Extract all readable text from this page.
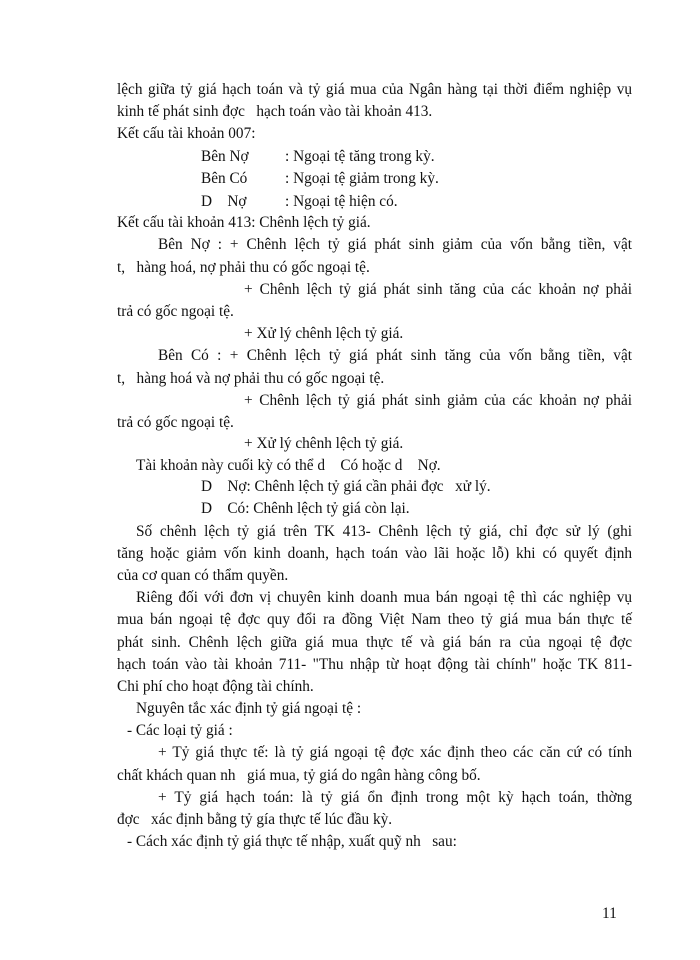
lệch giữa tỷ giá hạch toán và tỷ giá mua của Ngân hàng tại thời điểm nghiệp vụ
kinh tế phát sinh đợc   hạch toán vào tài khoản 413.
Kết cấu tài khoản 007:
Bên Nợ : Ngoại tệ tăng trong kỳ.
Bên Có : Ngoại tệ giảm trong kỳ.
D    Nợ	: Ngoại tệ hiện có.
Kết cấu tài khoản 413: Chênh lệch tỷ giá.
Bên Nợ : + Chênh lệch tỷ giá phát sinh giảm của vốn bằng tiền, vật
t,   hàng hoá, nợ phải thu có gốc ngoại tệ.
+ Chênh lệch tỷ giá phát sinh tăng của các khoản nợ phải
trả có gốc ngoại tệ.
+ Xử lý chênh lệch tỷ giá.
Bên Có : + Chênh lệch tỷ giá phát sinh tăng của vốn bằng tiền, vật
t,   hàng hoá và nợ phải thu có gốc ngoại tệ.
+ Chênh lệch tỷ giá phát sinh giảm của các khoản nợ phải
trả có gốc ngoại tệ.
+ Xử lý chênh lệch tỷ giá.
Tài khoản này cuối kỳ có thể d    Có hoặc d    Nợ.
D    Nợ: Chênh lệch tỷ giá cần phải đợc   xử lý.
D    Có: Chênh lệch tỷ giá còn lại.
Số chênh lệch tỷ giá trên TK 413- Chênh lệch tỷ giá, chỉ đợc sử lý (ghi
tăng hoặc giảm vốn kinh doanh, hạch toán vào lãi hoặc lỗ) khi có quyết định
của cơ quan có thẩm quyền.
Riêng đối với đơn vị chuyên kinh doanh mua bán ngoại tệ thì các nghiệp vụ
mua bán ngoại tệ đợc quy đổi ra đồng Việt Nam theo tỷ giá mua bán thực tế
phát sinh. Chênh lệch giữa giá mua thực tế và giá bán ra của ngoại tệ đợc
hạch toán vào tài khoản 711- "Thu nhập từ hoạt động tài chính" hoặc TK 811-
Chi phí cho hoạt động tài chính.
Nguyên tắc xác định tỷ giá ngoại tệ :
- Các loại tỷ giá :
+ Tỷ giá thực tế: là tỷ giá ngoại tệ đợc xác định theo các căn cứ có tính
chất khách quan nh   giá mua, tỷ giá do ngân hàng công bố.
+ Tỷ giá hạch toán: là tỷ giá ổn định trong một kỳ hạch toán, thờng
đợc   xác định bằng tỷ gía thực tế lúc đầu kỳ.
- Cách xác định tỷ giá thực tế nhập, xuất quỹ nh   sau:
11
